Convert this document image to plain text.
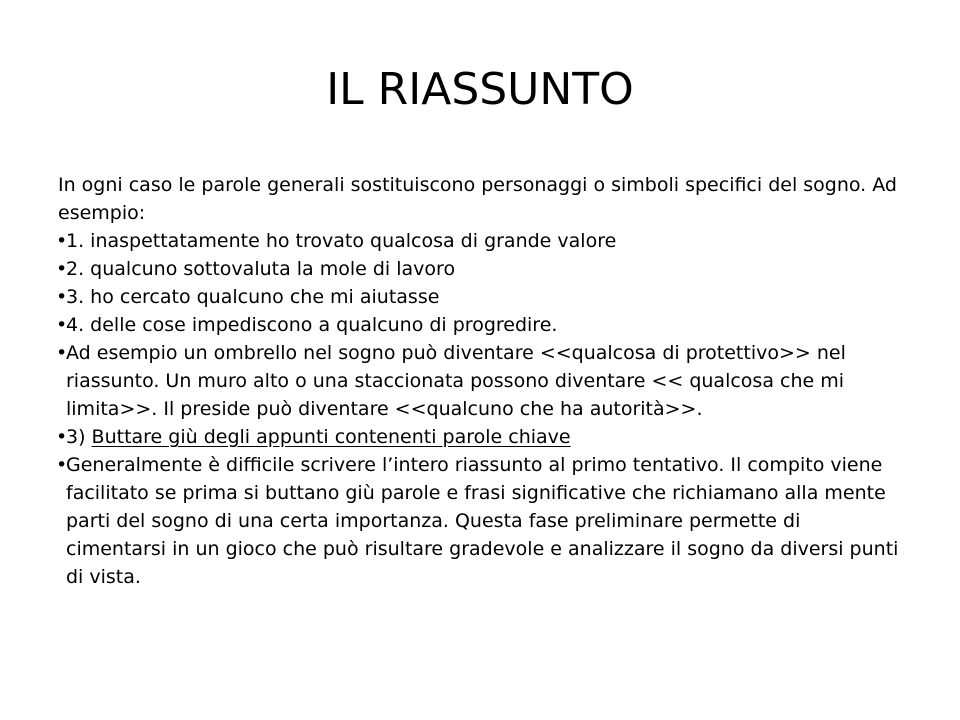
IL RIASSUNTO

In ogni caso le parole generali sostituiscono personaggi o simboli specifici del sogno. Ad esempio:

• 1. inaspettatamente ho trovato qualcosa di grande valore

• 2. qualcuno sottovaluta la mole di lavoro

• 3. ho cercato qualcuno che mi aiutasse

• 4. delle cose impediscono a qualcuno di progredire.

• Ad esempio un ombrello nel sogno può diventare <<qualcosa di protettivo>> nel riassunto. Un muro alto o una staccionata possono diventare << qualcosa che mi limita>>. Il preside può diventare <<qualcuno che ha autorità>>.

• 3) Buttare giù degli appunti contenenti parole chiave

• Generalmente è difficile scrivere l’intero riassunto al primo tentativo. Il compito viene facilitato se prima si buttano giù parole e frasi significative che richiamano alla mente parti del sogno di una certa importanza. Questa fase preliminare permette di cimentarsi in un gioco che può risultare gradevole e analizzare il sogno da diversi punti di vista.
